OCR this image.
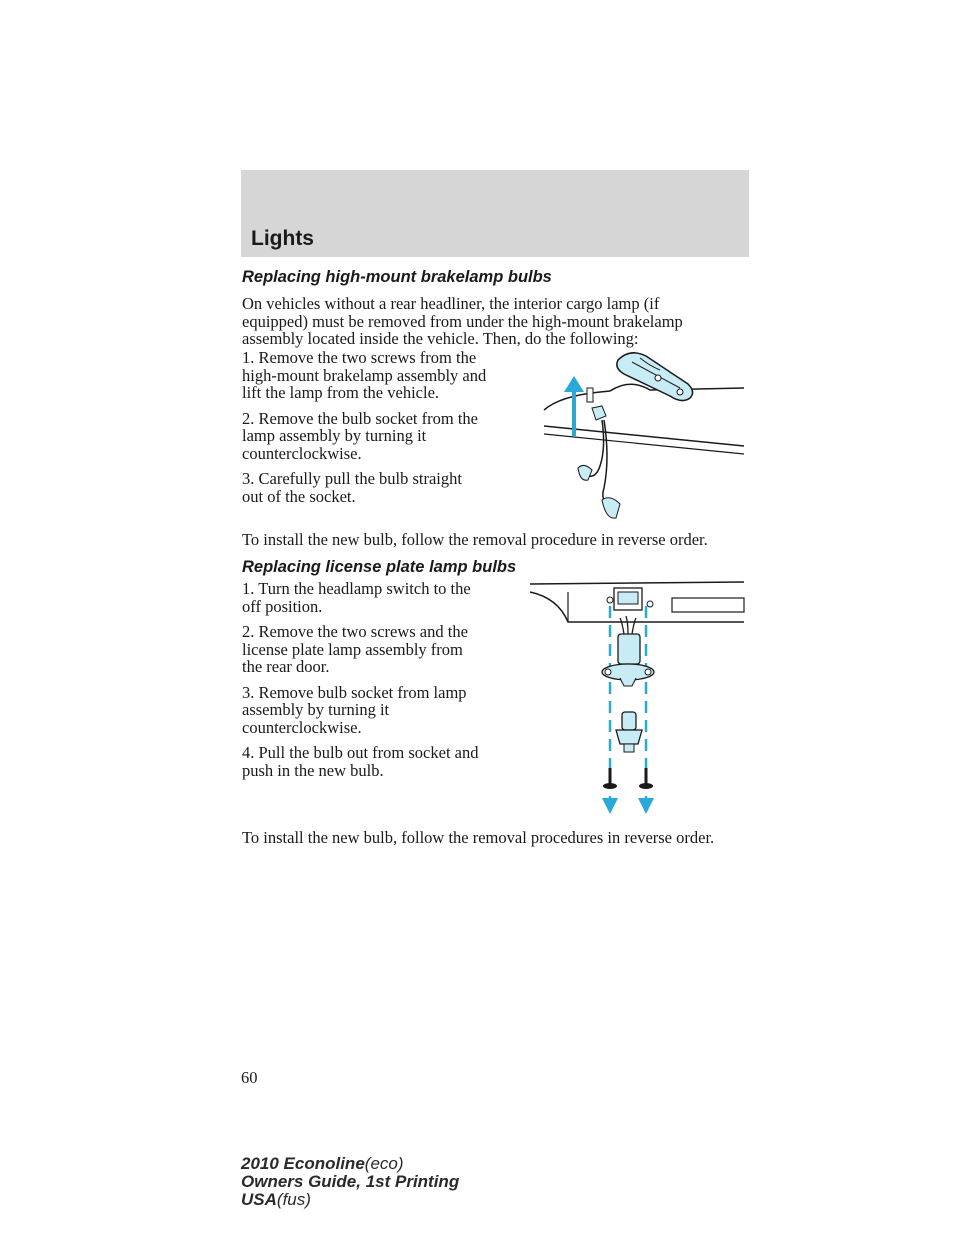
Lights
Replacing high-mount brakelamp bulbs

On vehicles without a rear headliner, the interior cargo lamp (if

equipped) must be removed from under the high-mount brakelamp

assembly located inside the vehicle. Then, do the following:

1. Remove the two screws from the

high-mount brakelamp assembly and

lift the lamp from the vehicle.

2. Remove the bulb socket from the

lamp assembly by turning it

counterclockwise.

3. Carefully pull the bulb straight

out of the socket.

To install the new bulb, follow the removal procedure in reverse order.

Replacing license plate lamp bulbs

1. Turn the headlamp switch to the

off position.

2. Remove the two screws and the

license plate lamp assembly from

the rear door.

3. Remove bulb socket from lamp

assembly by turning it

counterclockwise.

4. Pull the bulb out from socket and

push in the new bulb.

To install the new bulb, follow the removal procedures in reverse order.

60
2010 Econoline(eco)
Owners Guide, 1st Printing
USA(fus)
